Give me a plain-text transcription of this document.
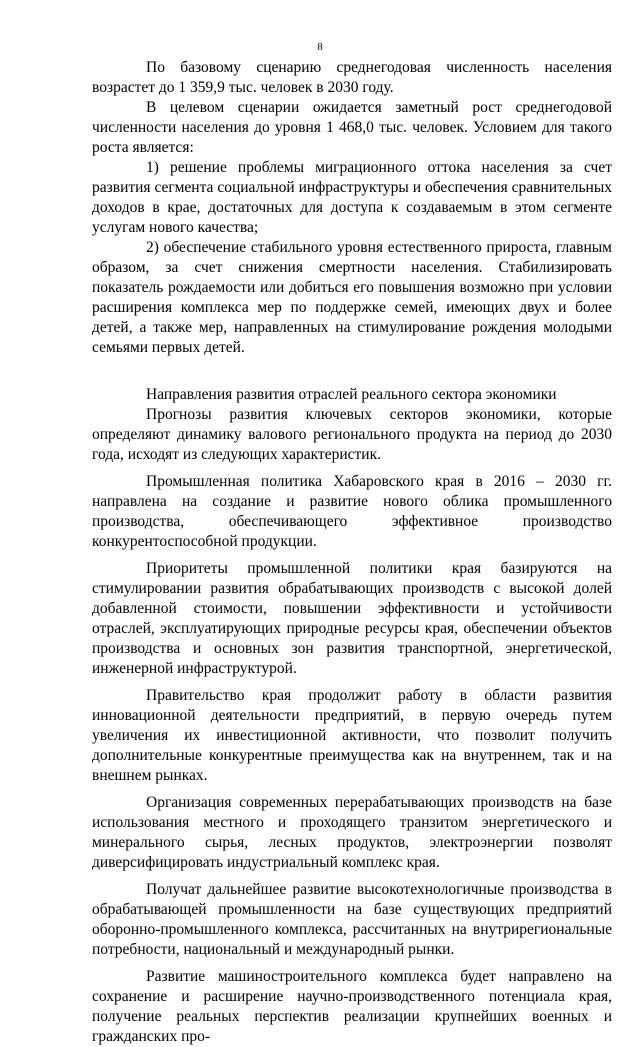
8

По базовому сценарию среднегодовая численность населения возрастет до 1 359,9 тыс. человек в 2030 году.

В целевом сценарии ожидается заметный рост среднегодовой численности населения до уровня 1 468,0 тыс. человек. Условием для такого роста является:

1) решение проблемы миграционного оттока населения за счет развития сегмента социальной инфраструктуры и обеспечения сравнительных доходов в крае, достаточных для доступа к создаваемым в этом сегменте услугам нового качества;

2) обеспечение стабильного уровня естественного прироста, главным образом, за счет снижения смертности населения. Стабилизировать показатель рождаемости или добиться его повышения возможно при условии расширения комплекса мер по поддержке семей, имеющих двух и более детей, а также мер, направленных на стимулирование рождения молодыми семьями первых детей.

Направления развития отраслей реального сектора экономики

Прогнозы развития ключевых секторов экономики, которые определяют динамику валового регионального продукта на период до 2030 года, исходят из следующих характеристик.

Промышленная политика Хабаровского края в 2016 – 2030 гг. направлена на создание и развитие нового облика промышленного производства, обеспечивающего эффективное производство конкурентоспособной продукции.

Приоритеты промышленной политики края базируются на стимулировании развития обрабатывающих производств с высокой долей добавленной стоимости, повышении эффективности и устойчивости отраслей, эксплуатирующих природные ресурсы края, обеспечении объектов производства и основных зон развития транспортной, энергетической, инженерной инфраструктурой.

Правительство края продолжит работу в области развития инновационной деятельности предприятий, в первую очередь путем увеличения их инвестиционной активности, что позволит получить дополнительные конкурентные преимущества как на внутреннем, так и на внешнем рынках.

Организация современных перерабатывающих производств на базе использования местного и проходящего транзитом энергетического и минерального сырья, лесных продуктов, электроэнергии позволят диверсифицировать индустриальный комплекс края.

Получат дальнейшее развитие высокотехнологичные производства в обрабатывающей промышленности на базе существующих предприятий оборонно-промышленного комплекса, рассчитанных на внутрирегиональные потребности, национальный и международный рынки.

Развитие машиностроительного комплекса будет направлено на сохранение и расширение научно-производственного потенциала края, получение реальных перспектив реализации крупнейших военных и гражданских про-
